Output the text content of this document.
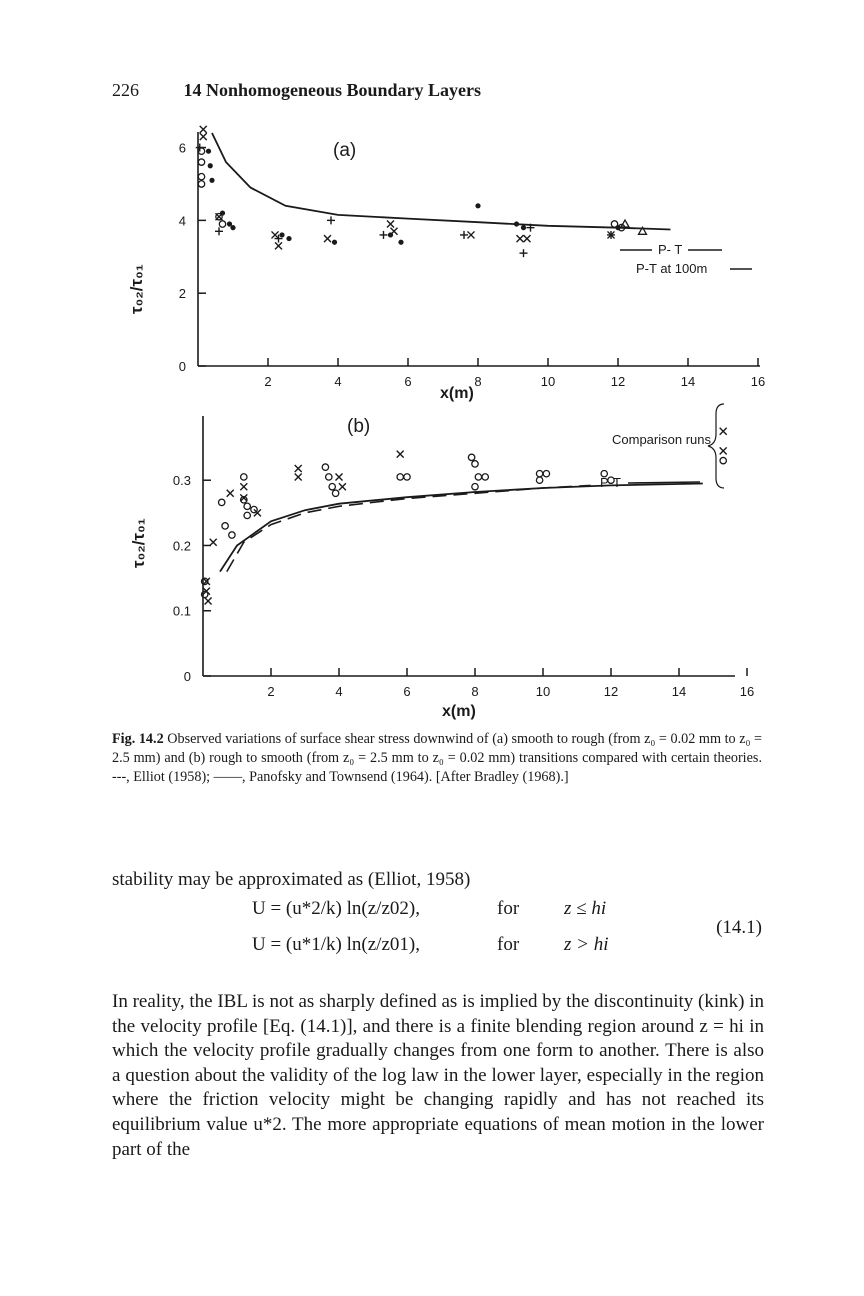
226 14 Nonhomogeneous Boundary Layers
2	4	6	8	10	12	14	16
0
2
4
6	(a)
x(m)
τ₀₂/τ₀₁
P- T
P-T at 100m
2	4	6	8	10	12	14	16
0
0.1
0.2
0.3
(b)
x(m)
τ₀₂/τ₀₁
Comparison runs
P-T
Fig. 14.2 Observed variations of surface shear stress downwind of (a) smooth to rough (from z₀ = 0.02 mm to z₀ = 2.5 mm) and (b) rough to smooth (from z₀ = 2.5 mm to z₀ = 0.02 mm) transitions compared with certain theories. ---, Elliot (1958); ——, Panofsky and Townsend (1964). [After Bradley (1968).]
stability may be approximated as (Elliot, 1958)
U = (u*2/k) ln(z/z02),	for z ≤ hi
U = (u*1/k) ln(z/z01),	for z > hi
(14.1)
In reality, the IBL is not as sharply defined as is implied by the discontinuity (kink) in the velocity profile [Eq. (14.1)], and there is a finite blending region around z = hi in which the velocity profile gradually changes from one form to another. There is also a question about the validity of the log law in the lower layer, especially in the region where the friction velocity might be changing rapidly and has not reached its equilibrium value u*2. The more appropriate equations of mean motion in the lower part of the
